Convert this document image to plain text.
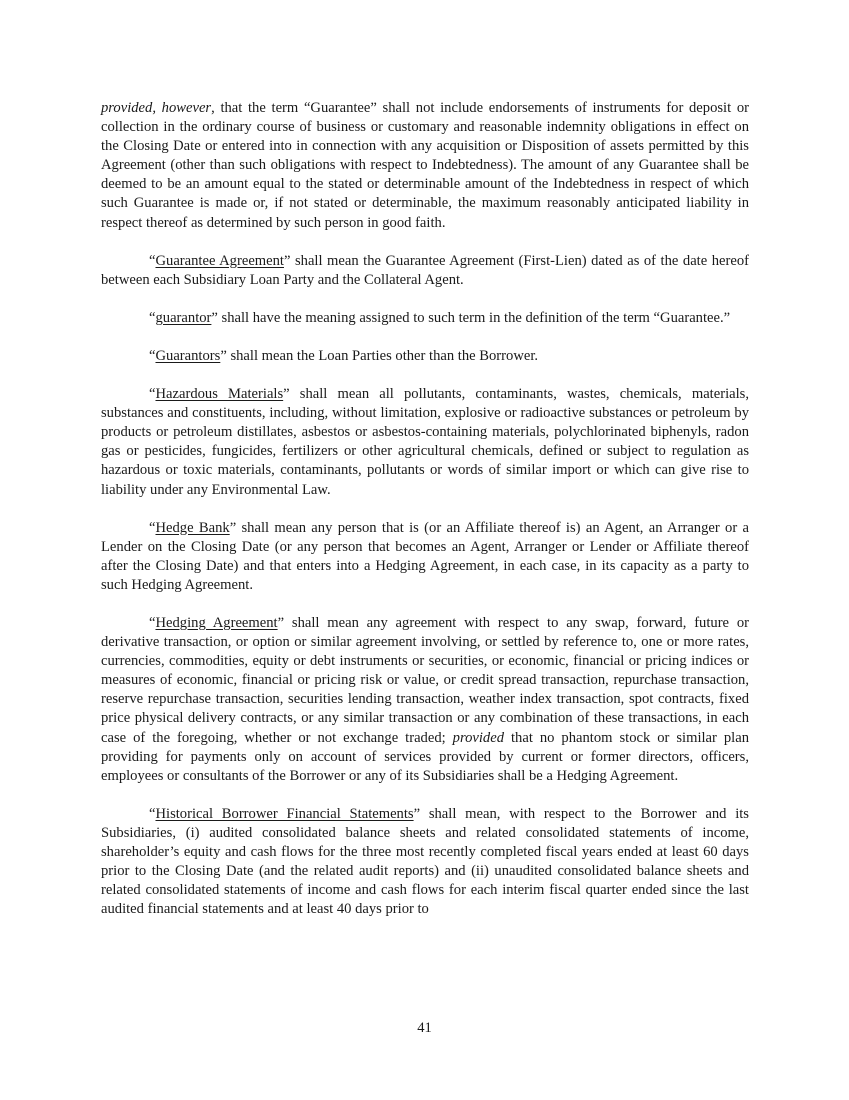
provided, however, that the term “Guarantee” shall not include endorsements of instruments for deposit or collection in the ordinary course of business or customary and reasonable indemnity obligations in effect on the Closing Date or entered into in connection with any acquisition or Disposition of assets permitted by this Agreement (other than such obligations with respect to Indebtedness). The amount of any Guarantee shall be deemed to be an amount equal to the stated or determinable amount of the Indebtedness in respect of which such Guarantee is made or, if not stated or determinable, the maximum reasonably anticipated liability in respect thereof as determined by such person in good faith.

“Guarantee Agreement” shall mean the Guarantee Agreement (First-Lien) dated as of the date hereof between each Subsidiary Loan Party and the Collateral Agent.

“guarantor” shall have the meaning assigned to such term in the definition of the term “Guarantee.”

“Guarantors” shall mean the Loan Parties other than the Borrower.

“Hazardous Materials” shall mean all pollutants, contaminants, wastes, chemicals, materials, substances and constituents, including, without limitation, explosive or radioactive substances or petroleum by products or petroleum distillates, asbestos or asbestos-containing materials, polychlorinated biphenyls, radon gas or pesticides, fungicides, fertilizers or other agricultural chemicals, defined or subject to regulation as hazardous or toxic materials, contaminants, pollutants or words of similar import or which can give rise to liability under any Environmental Law.

“Hedge Bank” shall mean any person that is (or an Affiliate thereof is) an Agent, an Arranger or a Lender on the Closing Date (or any person that becomes an Agent, Arranger or Lender or Affiliate thereof after the Closing Date) and that enters into a Hedging Agreement, in each case, in its capacity as a party to such Hedging Agreement.

“Hedging Agreement” shall mean any agreement with respect to any swap, forward, future or derivative transaction, or option or similar agreement involving, or settled by reference to, one or more rates, currencies, commodities, equity or debt instruments or securities, or economic, financial or pricing indices or measures of economic, financial or pricing risk or value, or credit spread transaction, repurchase transaction, reserve repurchase transaction, securities lending transaction, weather index transaction, spot contracts, fixed price physical delivery contracts, or any similar transaction or any combination of these transactions, in each case of the foregoing, whether or not exchange traded; provided that no phantom stock or similar plan providing for payments only on account of services provided by current or former directors, officers, employees or consultants of the Borrower or any of its Subsidiaries shall be a Hedging Agreement.

“Historical Borrower Financial Statements” shall mean, with respect to the Borrower and its Subsidiaries, (i) audited consolidated balance sheets and related consolidated statements of income, shareholder’s equity and cash flows for the three most recently completed fiscal years ended at least 60 days prior to the Closing Date (and the related audit reports) and (ii) unaudited consolidated balance sheets and related consolidated statements of income and cash flows for each interim fiscal quarter ended since the last audited financial statements and at least 40 days prior to

41
